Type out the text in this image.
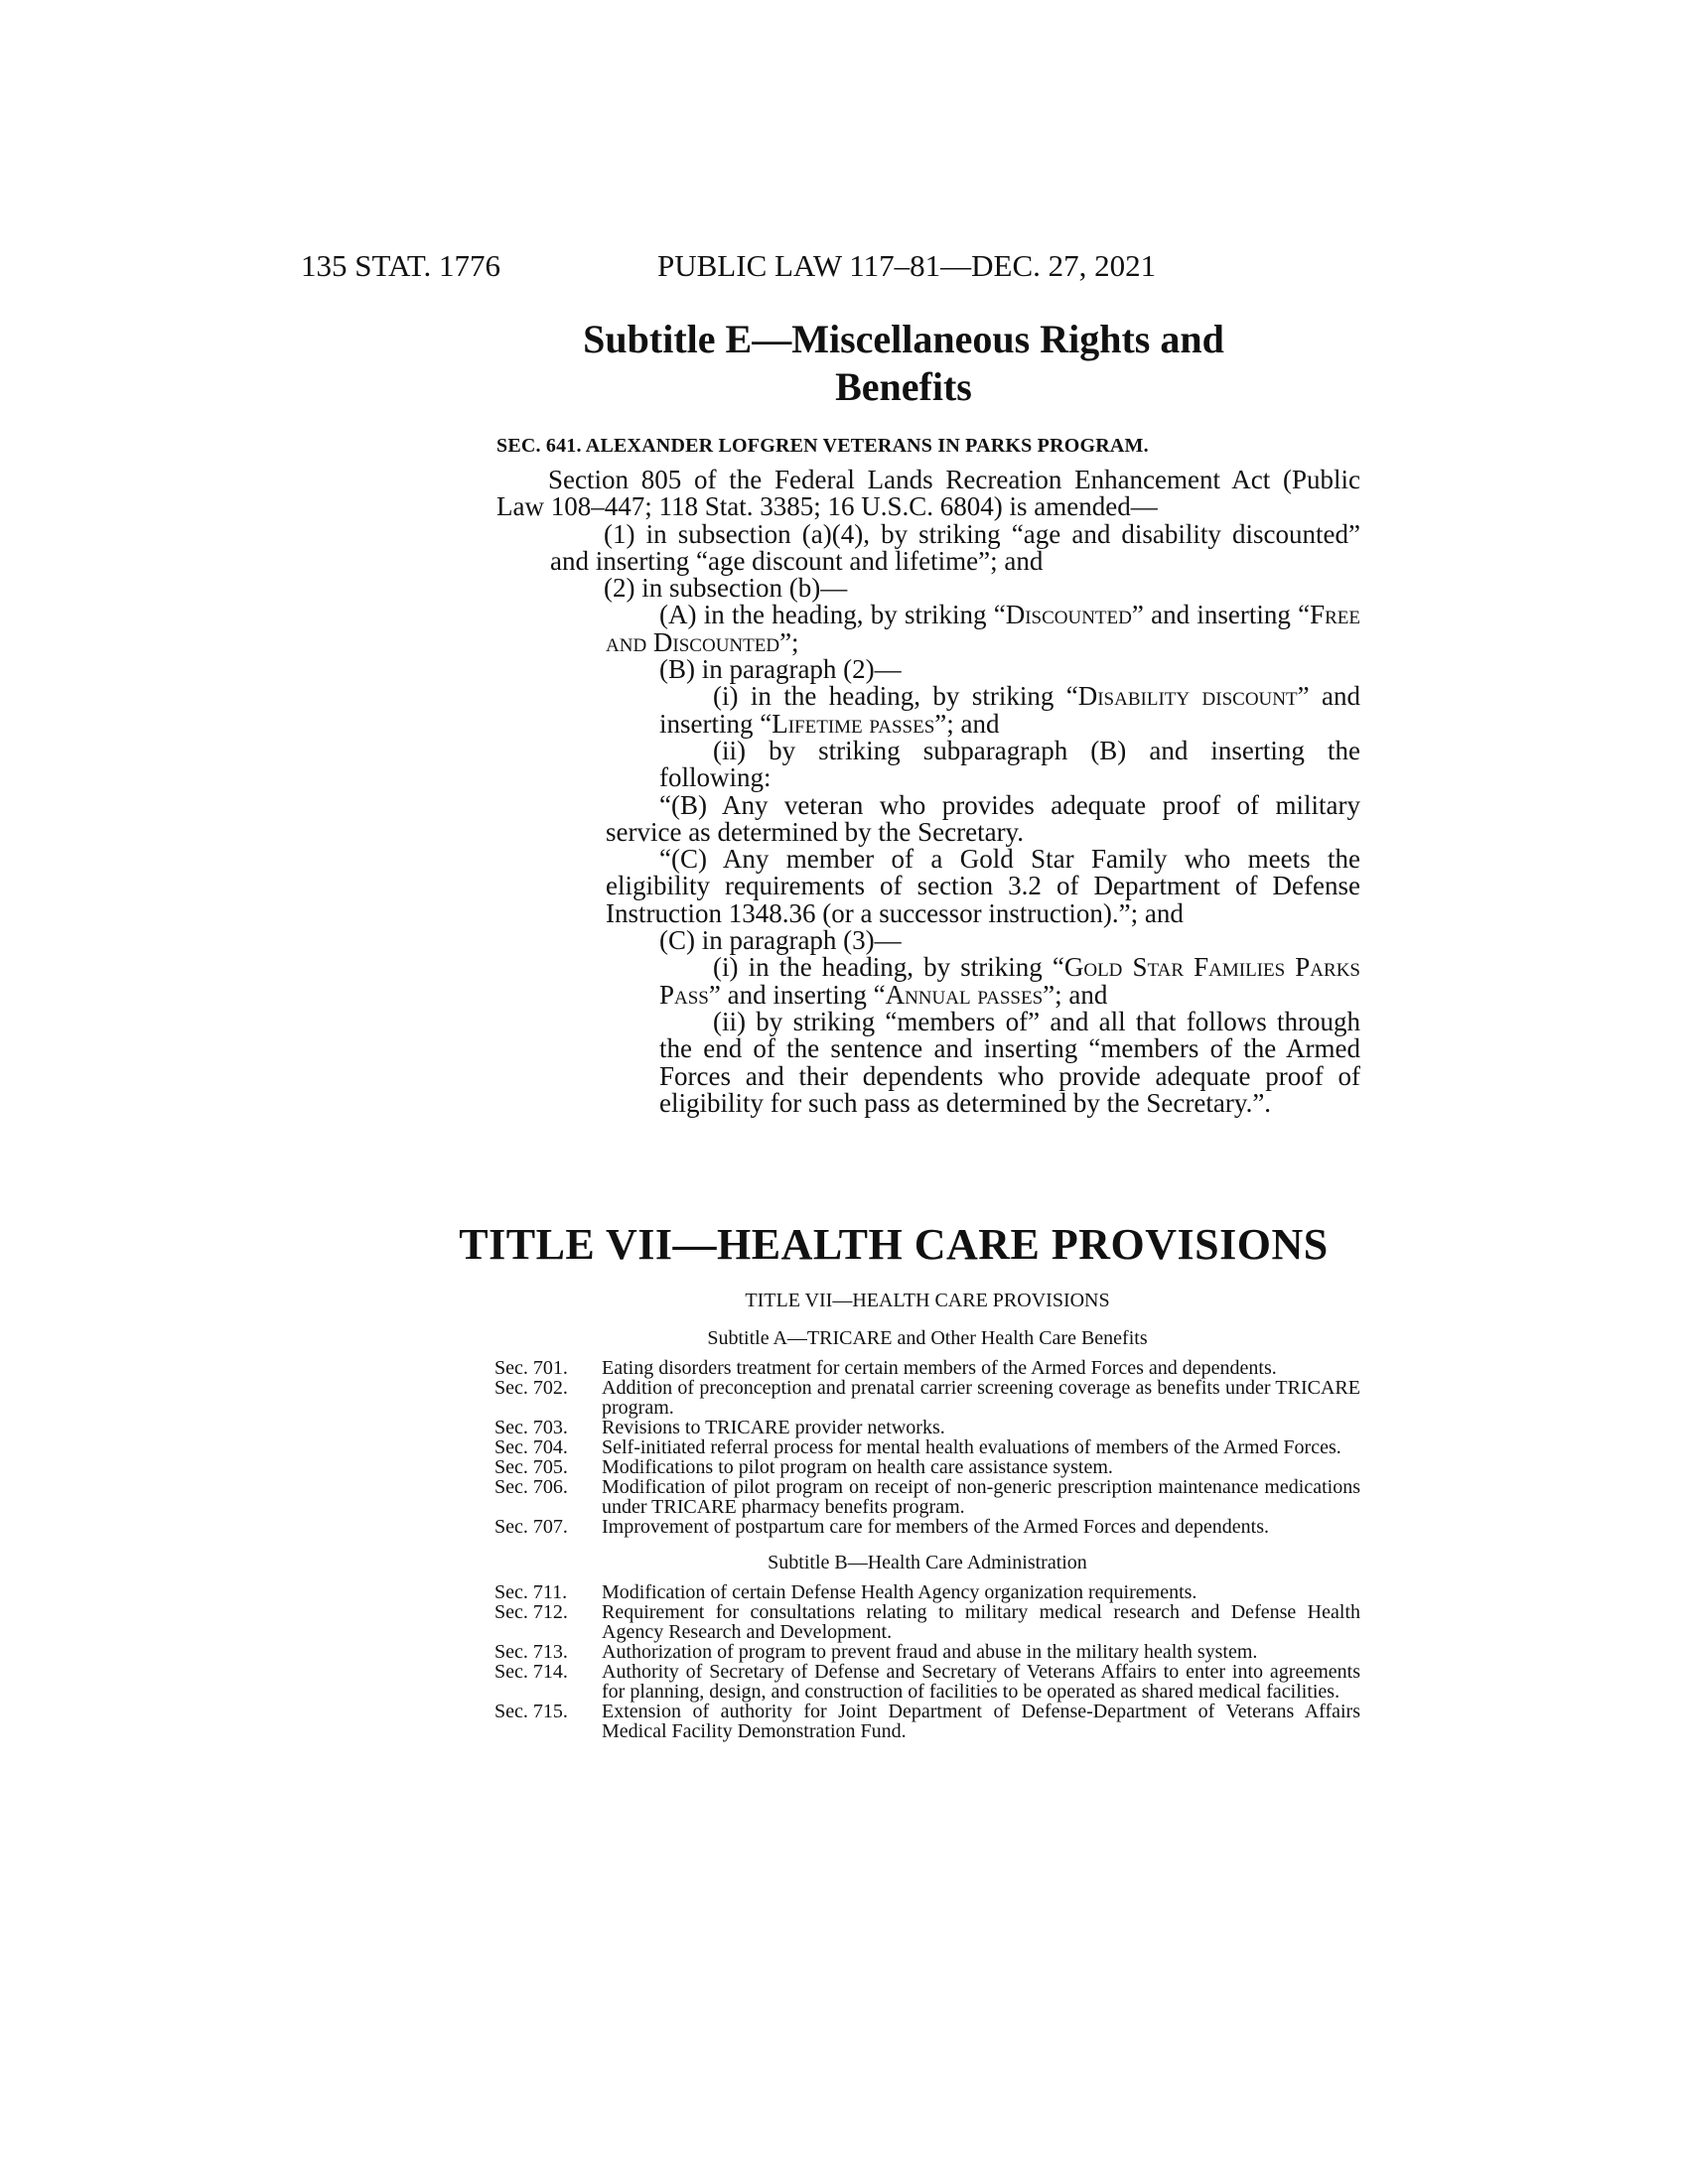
135 STAT. 1776	PUBLIC LAW 117–81—DEC. 27, 2021
Subtitle E—Miscellaneous Rights and
Benefits
SEC. 641. ALEXANDER LOFGREN VETERANS IN PARKS PROGRAM.

Section 805 of the Federal Lands Recreation Enhancement Act (Public Law 108–447; 118 Stat. 3385; 16 U.S.C. 6804) is amended—

(1) in subsection (a)(4), by striking “age and disability discounted” and inserting “age discount and lifetime”; and

(2) in subsection (b)—

(A) in the heading, by striking “Discounted” and inserting “Free and Discounted”;

(B) in paragraph (2)—

(i) in the heading, by striking “Disability discount” and inserting “Lifetime passes”; and

(ii) by striking subparagraph (B) and inserting the following:

“(B) Any veteran who provides adequate proof of military service as determined by the Secretary.

“(C) Any member of a Gold Star Family who meets the eligibility requirements of section 3.2 of Department of Defense Instruction 1348.36 (or a successor instruction).”; and

(C) in paragraph (3)—

(i) in the heading, by striking “Gold Star Families Parks Pass” and inserting “Annual passes”; and

(ii) by striking “members of” and all that follows through the end of the sentence and inserting “members of the Armed Forces and their dependents who provide adequate proof of eligibility for such pass as determined by the Secretary.”.

TITLE VII—HEALTH CARE PROVISIONS
TITLE VII—HEALTH CARE PROVISIONS
Subtitle A—TRICARE and Other Health Care Benefits
Sec. 701.	Eating disorders treatment for certain members of the Armed Forces and dependents.
Sec. 702.	Addition of preconception and prenatal carrier screening coverage as benefits under TRICARE program.
Sec. 703.	Revisions to TRICARE provider networks.
Sec. 704.	Self-initiated referral process for mental health evaluations of members of the Armed Forces.
Sec. 705.	Modifications to pilot program on health care assistance system.
Sec. 706.	Modification of pilot program on receipt of non-generic prescription maintenance medications under TRICARE pharmacy benefits program.
Sec. 707.	Improvement of postpartum care for members of the Armed Forces and dependents.
Subtitle B—Health Care Administration
Sec. 711.	Modification of certain Defense Health Agency organization requirements.
Sec. 712.	Requirement for consultations relating to military medical research and Defense Health Agency Research and Development.
Sec. 713.	Authorization of program to prevent fraud and abuse in the military health system.
Sec. 714.	Authority of Secretary of Defense and Secretary of Veterans Affairs to enter into agreements for planning, design, and construction of facilities to be operated as shared medical facilities.
Sec. 715.	Extension of authority for Joint Department of Defense-Department of Veterans Affairs Medical Facility Demonstration Fund.
